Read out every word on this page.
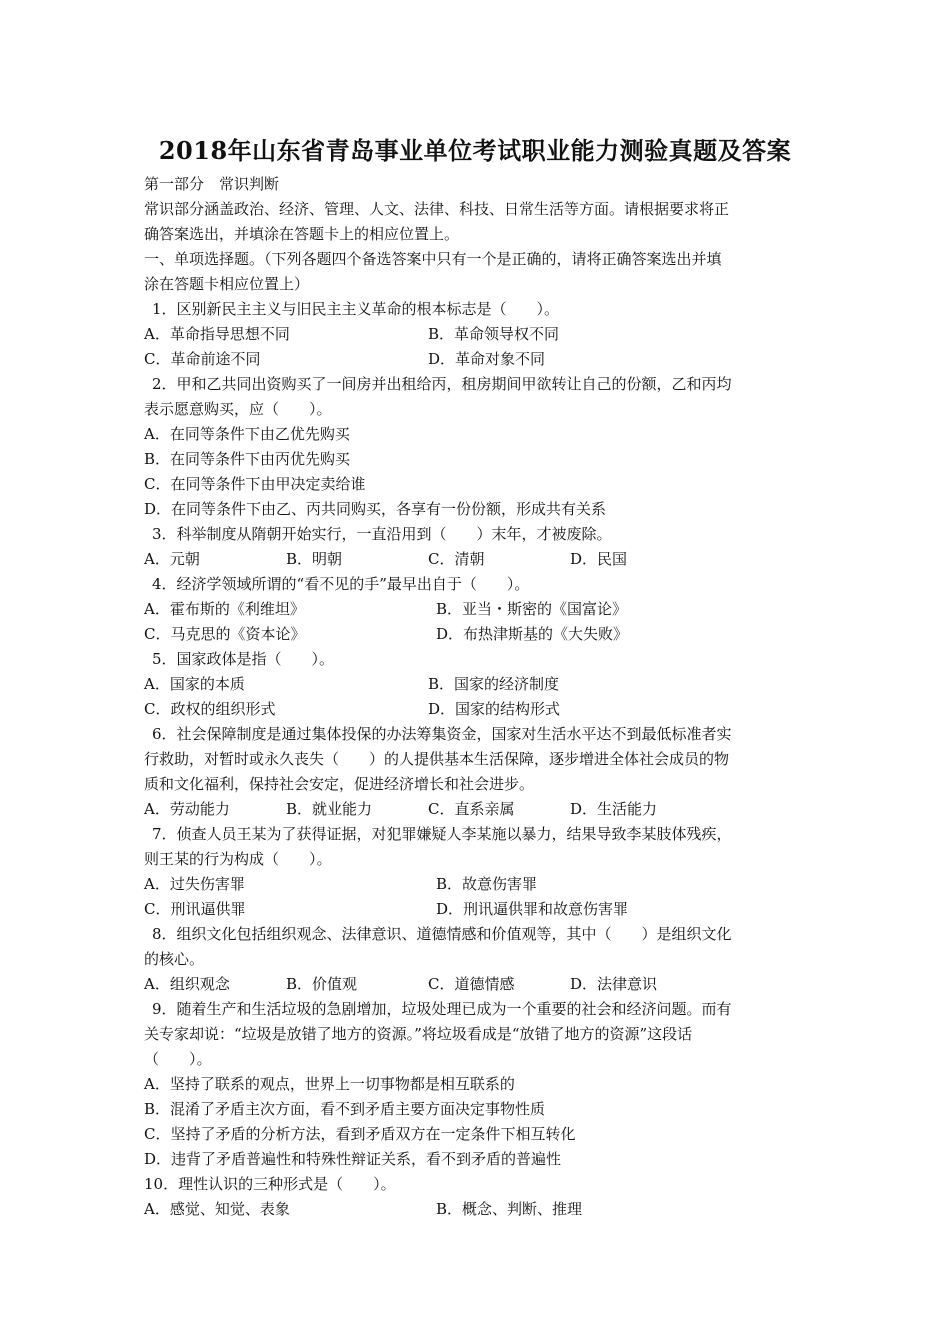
2018年山东省青岛事业单位考试职业能力测验真题及答案
第一部分　常识判断
常识部分涵盖政治、经济、管理、人文、法律、科技、日常生活等方面。请根据要求将正
确答案选出，并填涂在答题卡上的相应位置上。
一、单项选择题。（下列各题四个备选答案中只有一个是正确的，请将正确答案选出并填
涂在答题卡相应位置上）
1．区别新民主主义与旧民主主义革命的根本标志是（　　）。
A．革命指导思想不同	B．革命领导权不同
C．革命前途不同	D．革命对象不同
2．甲和乙共同出资购买了一间房并出租给丙，租房期间甲欲转让自己的份额，乙和丙均
表示愿意购买，应（　　）。
A．在同等条件下由乙优先购买
B．在同等条件下由丙优先购买
C．在同等条件下由甲决定卖给谁
D．在同等条件下由乙、丙共同购买，各享有一份份额，形成共有关系
3．科举制度从隋朝开始实行，一直沿用到（　　）末年，才被废除。
A．元朝	B．明朝	C．清朝	D．民国
4．经济学领域所谓的“看不见的手”最早出自于（　　）。
A．霍布斯的《利维坦》	B．亚当・斯密的《国富论》
C．马克思的《资本论》	D．布热津斯基的《大失败》
5．国家政体是指（　　）。
A．国家的本质	B．国家的经济制度
C．政权的组织形式	D．国家的结构形式
6．社会保障制度是通过集体投保的办法筹集资金，国家对生活水平达不到最低标准者实
行救助，对暂时或永久丧失（　　）的人提供基本生活保障，逐步增进全体社会成员的物
质和文化福利，保持社会安定，促进经济增长和社会进步。
A．劳动能力	B．就业能力	C．直系亲属	D．生活能力
7．侦查人员王某为了获得证据，对犯罪嫌疑人李某施以暴力，结果导致李某肢体残疾，
则王某的行为构成（　　）。
A．过失伤害罪	B．故意伤害罪
C．刑讯逼供罪	D．刑讯逼供罪和故意伤害罪
8．组织文化包括组织观念、法律意识、道德情感和价值观等，其中（　　）是组织文化
的核心。
A．组织观念	B．价值观	C．道德情感	D．法律意识
9．随着生产和生活垃圾的急剧增加，垃圾处理已成为一个重要的社会和经济问题。而有
关专家却说：“垃圾是放错了地方的资源。”将垃圾看成是“放错了地方的资源”这段话
（　　）。
A．坚持了联系的观点，世界上一切事物都是相互联系的
B．混淆了矛盾主次方面，看不到矛盾主要方面决定事物性质
C．坚持了矛盾的分析方法，看到矛盾双方在一定条件下相互转化
D．违背了矛盾普遍性和特殊性辩证关系，看不到矛盾的普遍性
10．理性认识的三种形式是（　　）。
A．感觉、知觉、表象	B．概念、判断、推理
